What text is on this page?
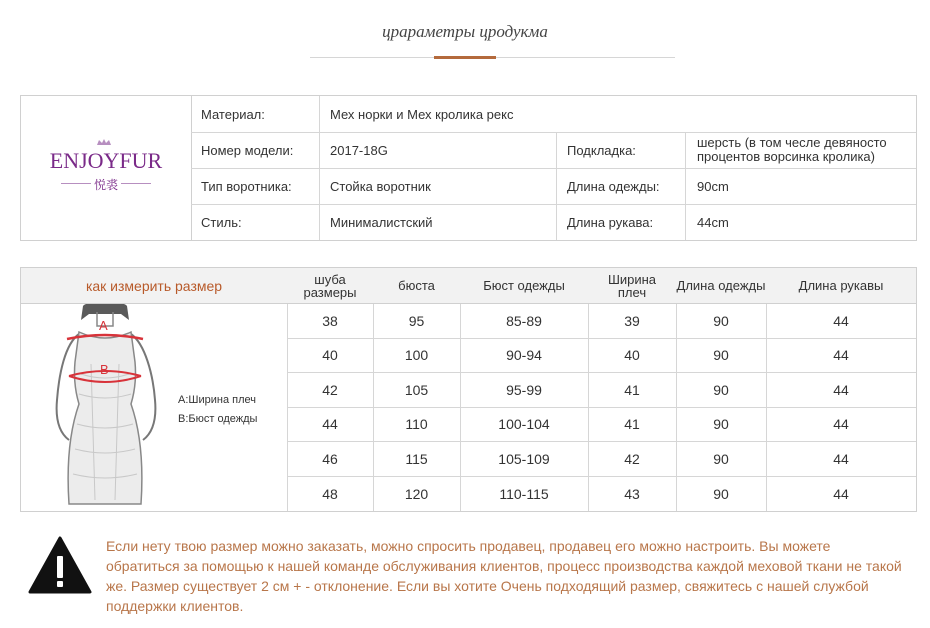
црараметры цродукма
ENJOYFUR
悦裘
Материал:	Мех норки и Мех кролика рекс
Номер модели:	2017-18G	Подкладка:	шерсть (в том чесле девяносто процентов ворсинка кролика)
Тип воротника:	Стойка воротник	Длина одежды:	90cm
Стиль:	Минималистский	Длина рукава:	44cm
как измерить размер	шуба размеры	бюста	Бюст одежды	Ширина плеч	Длина одежды	Длина рукавы
38	95	85-89	39	90	44
40	100	90-94	40	90	44
42	105	95-99	41	90	44
44	110	100-104	41	90	44
46	115	105-109	42	90	44
48	120	110-115	43	90	44
A
B
A:Ширина плеч
B:Бюст одежды
Если нету твою размер можно заказать, можно спросить продавец, продавец его можно настроить. Вы можете обратиться за помощью к нашей команде обслуживания клиентов, процесс производства каждой меховой ткани не такой же. Размер существует 2 см + - отклонение. Если вы хотите Очень подходящий размер, свяжитесь с нашей службой поддержки клиентов.
